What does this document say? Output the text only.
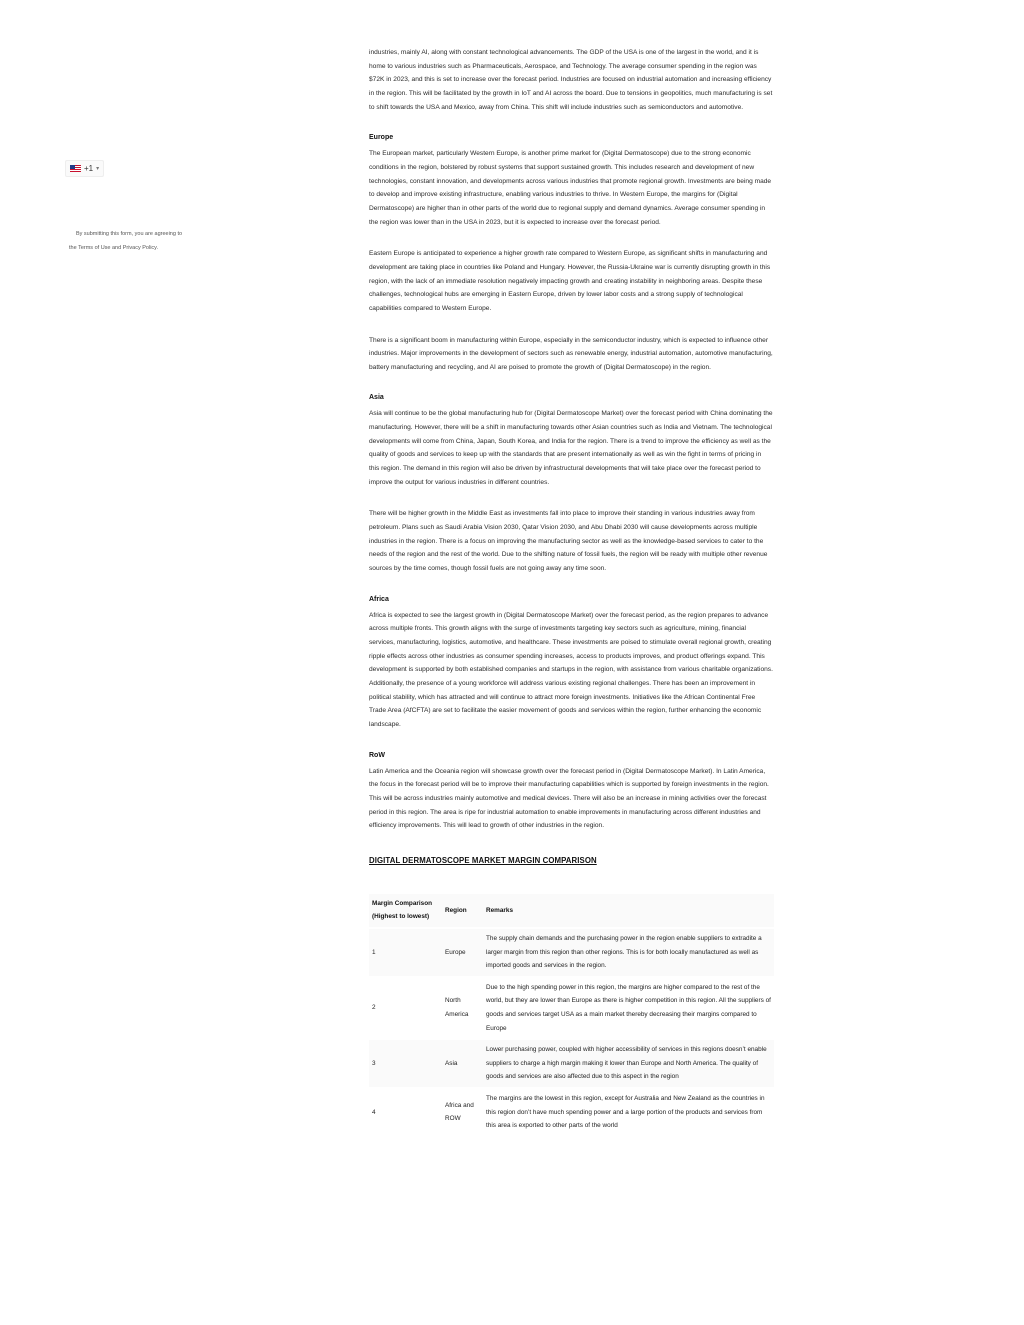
+1 ▾
By submitting this form, you are agreeing to
the Terms of Use and Privacy Policy.

industries, mainly AI, along with constant technological advancements. The GDP of the USA is one of the largest in the world, and it is home to various industries such as Pharmaceuticals, Aerospace, and Technology. The average consumer spending in the region was $72K in 2023, and this is set to increase over the forecast period. Industries are focused on industrial automation and increasing efficiency in the region. This will be facilitated by the growth in IoT and AI across the board. Due to tensions in geopolitics, much manufacturing is set to shift towards the USA and Mexico, away from China. This shift will include industries such as semiconductors and automotive.

Europe

The European market, particularly Western Europe, is another prime market for (Digital Dermatoscope) due to the strong economic conditions in the region, bolstered by robust systems that support sustained growth. This includes research and development of new technologies, constant innovation, and developments across various industries that promote regional growth. Investments are being made to develop and improve existing infrastructure, enabling various industries to thrive. In Western Europe, the margins for (Digital Dermatoscope) are higher than in other parts of the world due to regional supply and demand dynamics. Average consumer spending in the region was lower than in the USA in 2023, but it is expected to increase over the forecast period.

Eastern Europe is anticipated to experience a higher growth rate compared to Western Europe, as significant shifts in manufacturing and development are taking place in countries like Poland and Hungary. However, the Russia-Ukraine war is currently disrupting growth in this region, with the lack of an immediate resolution negatively impacting growth and creating instability in neighboring areas. Despite these challenges, technological hubs are emerging in Eastern Europe, driven by lower labor costs and a strong supply of technological capabilities compared to Western Europe.

There is a significant boom in manufacturing within Europe, especially in the semiconductor industry, which is expected to influence other industries. Major improvements in the development of sectors such as renewable energy, industrial automation, automotive manufacturing, battery manufacturing and recycling, and AI are poised to promote the growth of (Digital Dermatoscope) in the region.

Asia

Asia will continue to be the global manufacturing hub for (Digital Dermatoscope Market) over the forecast period with China dominating the manufacturing. However, there will be a shift in manufacturing towards other Asian countries such as India and Vietnam. The technological developments will come from China, Japan, South Korea, and India for the region. There is a trend to improve the efficiency as well as the quality of goods and services to keep up with the standards that are present internationally as well as win the fight in terms of pricing in this region. The demand in this region will also be driven by infrastructural developments that will take place over the forecast period to improve the output for various industries in different countries.

There will be higher growth in the Middle East as investments fall into place to improve their standing in various industries away from petroleum. Plans such as Saudi Arabia Vision 2030, Qatar Vision 2030, and Abu Dhabi 2030 will cause developments across multiple industries in the region. There is a focus on improving the manufacturing sector as well as the knowledge-based services to cater to the needs of the region and the rest of the world. Due to the shifting nature of fossil fuels, the region will be ready with multiple other revenue sources by the time comes, though fossil fuels are not going away any time soon.

Africa

Africa is expected to see the largest growth in (Digital Dermatoscope Market) over the forecast period, as the region prepares to advance across multiple fronts. This growth aligns with the surge of investments targeting key sectors such as agriculture, mining, financial services, manufacturing, logistics, automotive, and healthcare. These investments are poised to stimulate overall regional growth, creating ripple effects across other industries as consumer spending increases, access to products improves, and product offerings expand. This development is supported by both established companies and startups in the region, with assistance from various charitable organizations. Additionally, the presence of a young workforce will address various existing regional challenges. There has been an improvement in political stability, which has attracted and will continue to attract more foreign investments. Initiatives like the African Continental Free Trade Area (AfCFTA) are set to facilitate the easier movement of goods and services within the region, further enhancing the economic landscape.

RoW

Latin America and the Oceania region will showcase growth over the forecast period in (Digital Dermatoscope Market). In Latin America, the focus in the forecast period will be to improve their manufacturing capabilities which is supported by foreign investments in the region. This will be across industries mainly automotive and medical devices. There will also be an increase in mining activities over the forecast period in this region. The area is ripe for industrial automation to enable improvements in manufacturing across different industries and efficiency improvements. This will lead to growth of other industries in the region.

DIGITAL DERMATOSCOPE MARKET MARGIN COMPARISON
Margin Comparison (Highest to lowest)	Region	Remarks
1	Europe	The supply chain demands and the purchasing power in the region enable suppliers to extradite a larger margin from this region than other regions. This is for both locally manufactured as well as imported goods and services in the region.
2	North America	Due to the high spending power in this region, the margins are higher compared to the rest of the world, but they are lower than Europe as there is higher competition in this region. All the suppliers of goods and services target USA as a main market thereby decreasing their margins compared to Europe
3	Asia	Lower purchasing power, coupled with higher accessibility of services in this regions doesn’t enable suppliers to charge a high margin making it lower than Europe and North America. The quality of goods and services are also affected due to this aspect in the region
4	Africa and ROW	The margins are the lowest in this region, except for Australia and New Zealand as the countries in this region don’t have much spending power and a large portion of the products and services from this area is exported to other parts of the world
